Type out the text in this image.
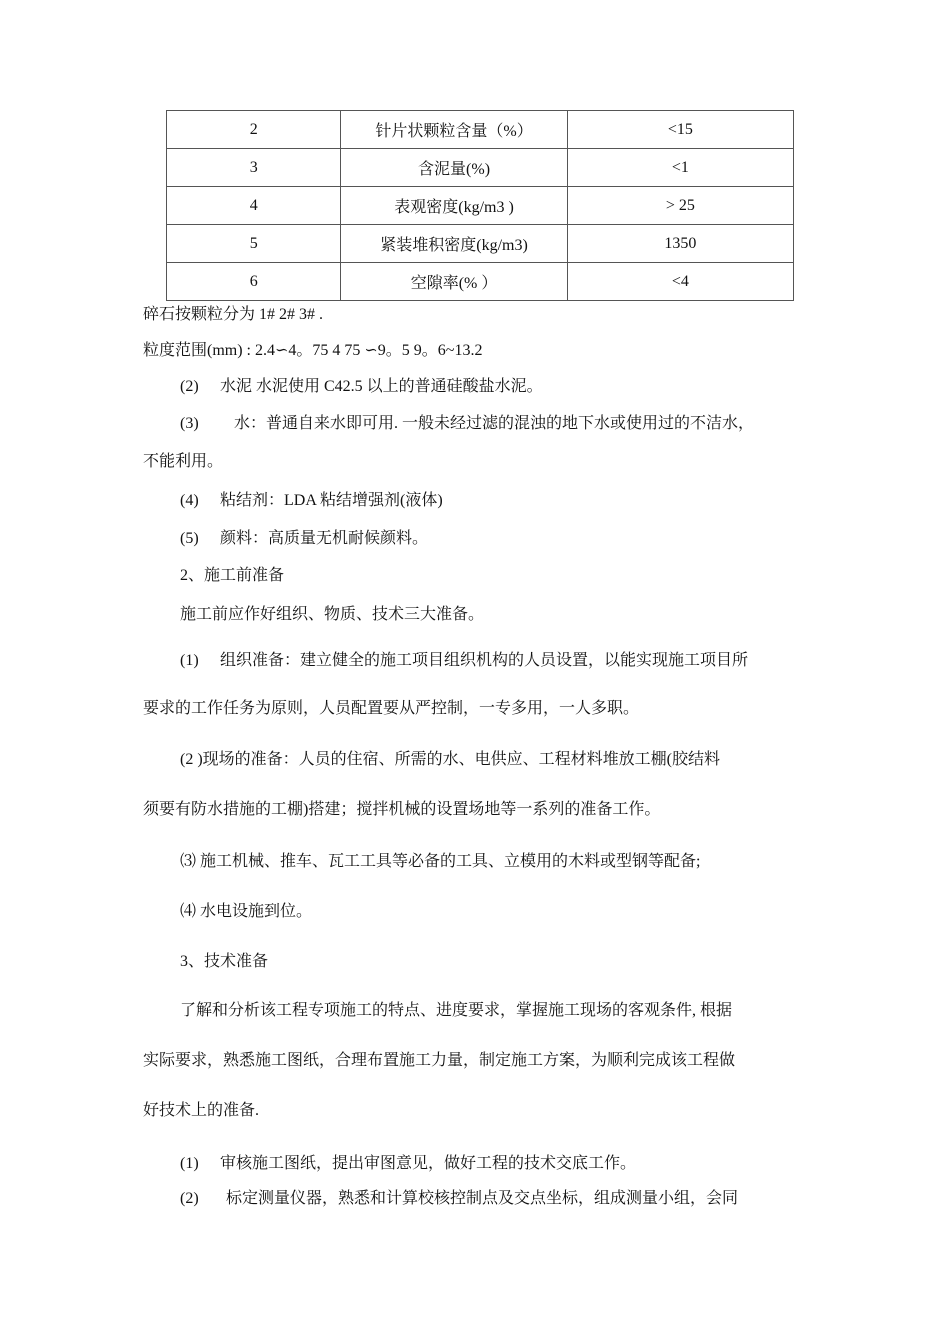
2	针片状颗粒含量（%）	<15
3	含泥量(%)	<1
4	表观密度(kg/m3 )	> 25
5	紧装堆积密度(kg/m3)	1350
6	空隙率(% ）	<4
碎石按颗粒分为 1# 2# 3# .
粒度范围(mm) : 2.4∽4。75 4 75 ∽9。5 9。6~13.2
(2) 水泥 水泥使用 C42.5 以上的普通硅酸盐水泥。
(3) 水：普通自来水即可用. 一般未经过滤的混浊的地下水或使用过的不洁水，
不能利用。
(4) 粘结剂：LDA 粘结增强剂(液体)
(5) 颜料：高质量无机耐候颜料。
2、施工前准备
施工前应作好组织、物质、技术三大准备。
(1) 组织准备：建立健全的施工项目组织机构的人员设置，以能实现施工项目所
要求的工作任务为原则，人员配置要从严控制，一专多用，一人多职。
(2 )现场的准备：人员的住宿、所需的水、电供应、工程材料堆放工棚(胶结料
须要有防水措施的工棚)搭建；搅拌机械的设置场地等一系列的准备工作。
⑶ 施工机械、推车、瓦工工具等必备的工具、立模用的木料或型钢等配备;
⑷ 水电设施到位。
3、技术准备
了解和分析该工程专项施工的特点、进度要求，掌握施工现场的客观条件, 根据
实际要求，熟悉施工图纸，合理布置施工力量，制定施工方案，为顺利完成该工程做
好技术上的准备.
(1) 审核施工图纸，提出审图意见，做好工程的技术交底工作。
(2) 标定测量仪器，熟悉和计算校核控制点及交点坐标，组成测量小组，会同
